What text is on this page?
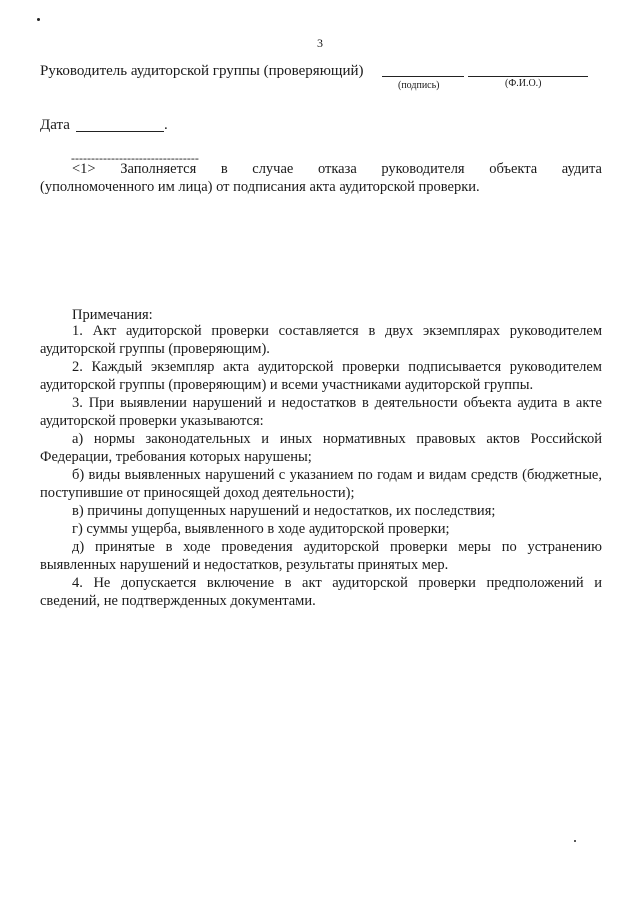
3
Руководитель аудиторской группы (проверяющий)
(подпись)	(Ф.И.О.)
Дата	.
--------------------------------
<1> Заполняется в случае отказа руководителя объекта аудита
(уполномоченного им лица) от подписания акта аудиторской проверки.
Примечания:
1. Акт аудиторской проверки составляется в двух экземплярах руководителем аудиторской группы (проверяющим).
2. Каждый экземпляр акта аудиторской проверки подписывается руководителем аудиторской группы (проверяющим) и всеми участниками аудиторской группы.
3. При выявлении нарушений и недостатков в деятельности объекта аудита в акте аудиторской проверки указываются:
а) нормы законодательных и иных нормативных правовых актов Российской Федерации, требования которых нарушены;
б) виды выявленных нарушений с указанием по годам и видам средств (бюджетные, поступившие от приносящей доход деятельности);
в) причины допущенных нарушений и недостатков, их последствия;
г) суммы ущерба, выявленного в ходе аудиторской проверки;
д) принятые в ходе проведения аудиторской проверки меры по устранению выявленных нарушений и недостатков, результаты принятых мер.
4. Не допускается включение в акт аудиторской проверки предположений и сведений, не подтвержденных документами.
